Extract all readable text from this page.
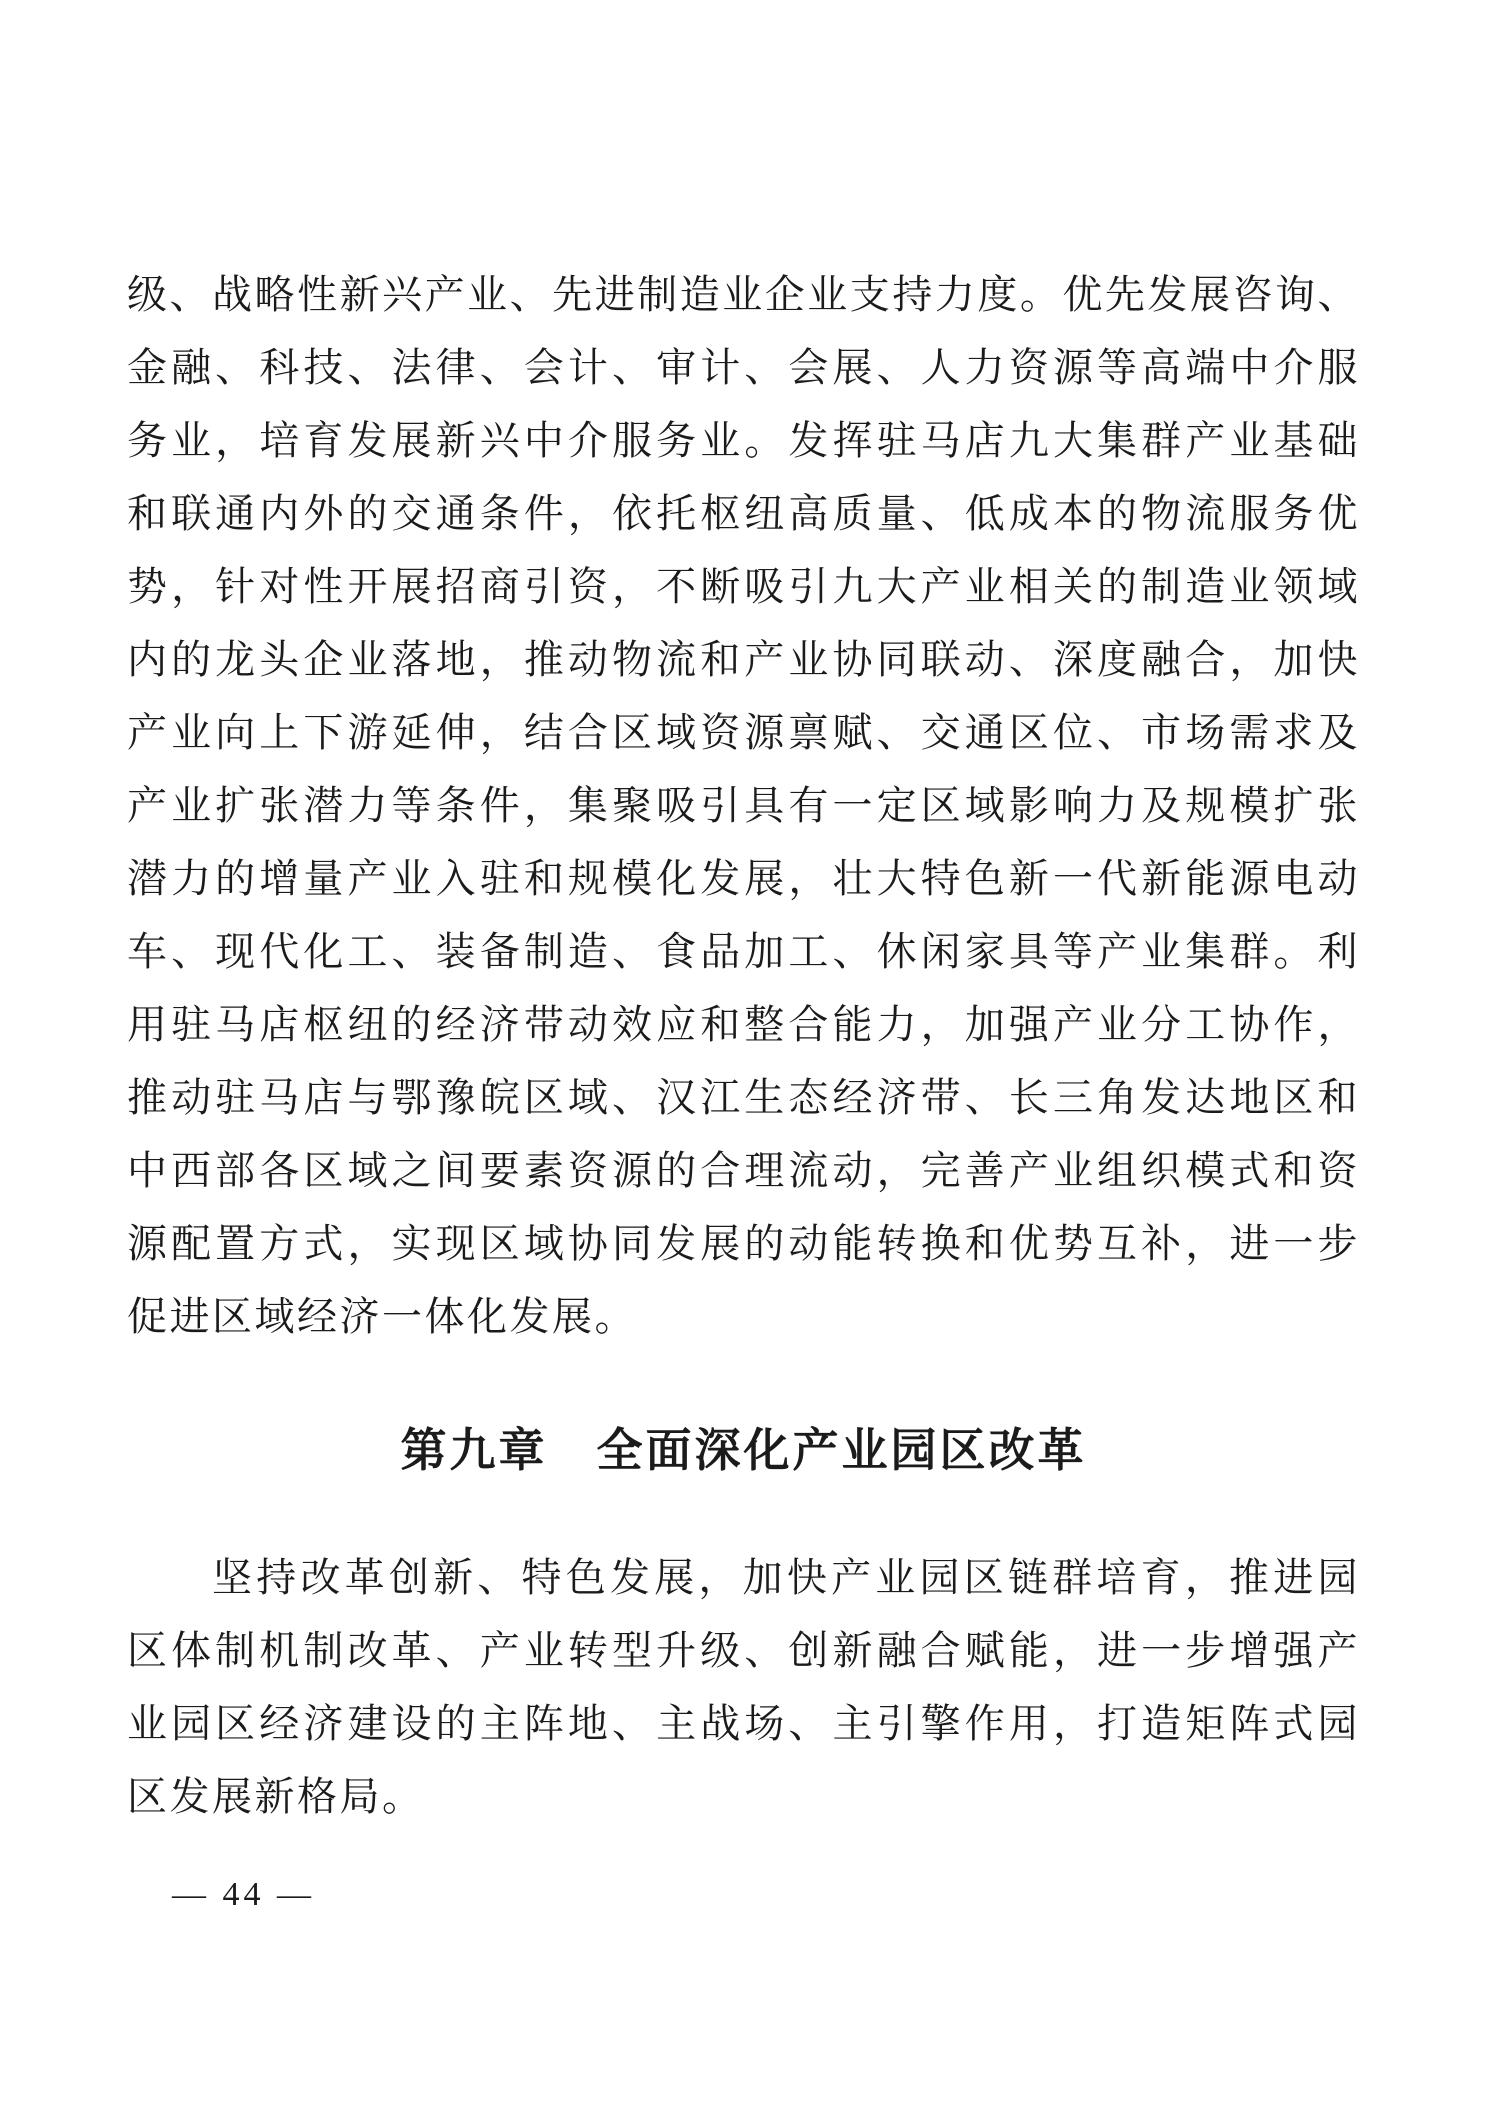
级、战略性新兴产业、先进制造业企业支持力度。优先发展咨询、
金融、科技、法律、会计、审计、会展、人力资源等高端中介服
务业，培育发展新兴中介服务业。发挥驻马店九大集群产业基础
和联通内外的交通条件，依托枢纽高质量、低成本的物流服务优
势，针对性开展招商引资，不断吸引九大产业相关的制造业领域
内的龙头企业落地，推动物流和产业协同联动、深度融合，加快
产业向上下游延伸，结合区域资源禀赋、交通区位、市场需求及
产业扩张潜力等条件，集聚吸引具有一定区域影响力及规模扩张
潜力的增量产业入驻和规模化发展，壮大特色新一代新能源电动
车、现代化工、装备制造、食品加工、休闲家具等产业集群。利
用驻马店枢纽的经济带动效应和整合能力，加强产业分工协作，
推动驻马店与鄂豫皖区域、汉江生态经济带、长三角发达地区和
中西部各区域之间要素资源的合理流动，完善产业组织模式和资
源配置方式，实现区域协同发展的动能转换和优势互补，进一步
促进区域经济一体化发展。
第九章　全面深化产业园区改革
坚持改革创新、特色发展，加快产业园区链群培育，推进园
区体制机制改革、产业转型升级、创新融合赋能，进一步增强产
业园区经济建设的主阵地、主战场、主引擎作用，打造矩阵式园
区发展新格局。
— 44 —
